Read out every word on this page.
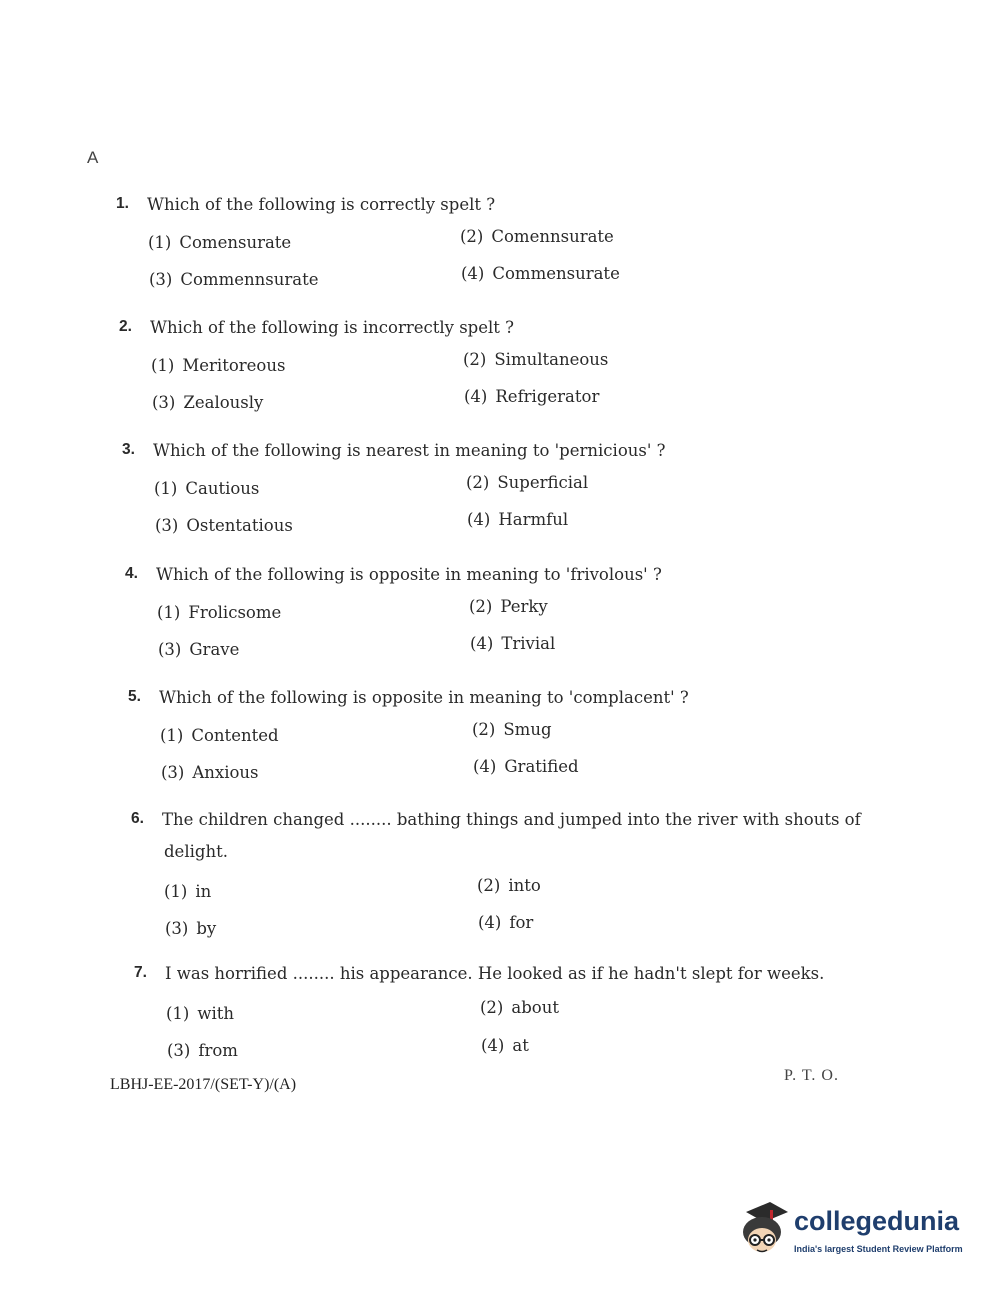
A
1. Which of the following is correctly spelt ?
(1) Comensurate	(2) Comennsurate
(3) Commennsurate	(4) Commensurate
2. Which of the following is incorrectly spelt ?
(1) Meritoreous	(2) Simultaneous
(3) Zealously	(4) Refrigerator
3. Which of the following is nearest in meaning to 'pernicious' ?
(1) Cautious	(2) Superficial
(3) Ostentatious	(4) Harmful
4. Which of the following is opposite in meaning to 'frivolous' ?
(1) Frolicsome	(2) Perky
(3) Grave	(4) Trivial
5. Which of the following is opposite in meaning to 'complacent' ?
(1) Contented	(2) Smug
(3) Anxious	(4) Gratified
6. The children changed ........ bathing things and jumped into the river with shouts of
delight.
(1) in	(2) into
(3) by	(4) for
7. I was horrified ........ his appearance. He looked as if he hadn't slept for weeks.
(1) with	(2) about
(3) from	(4) at
LBHJ-EE-2017/(SET-Y)/(A)
P. T. O.
collegedunia
India's largest Student Review Platform
